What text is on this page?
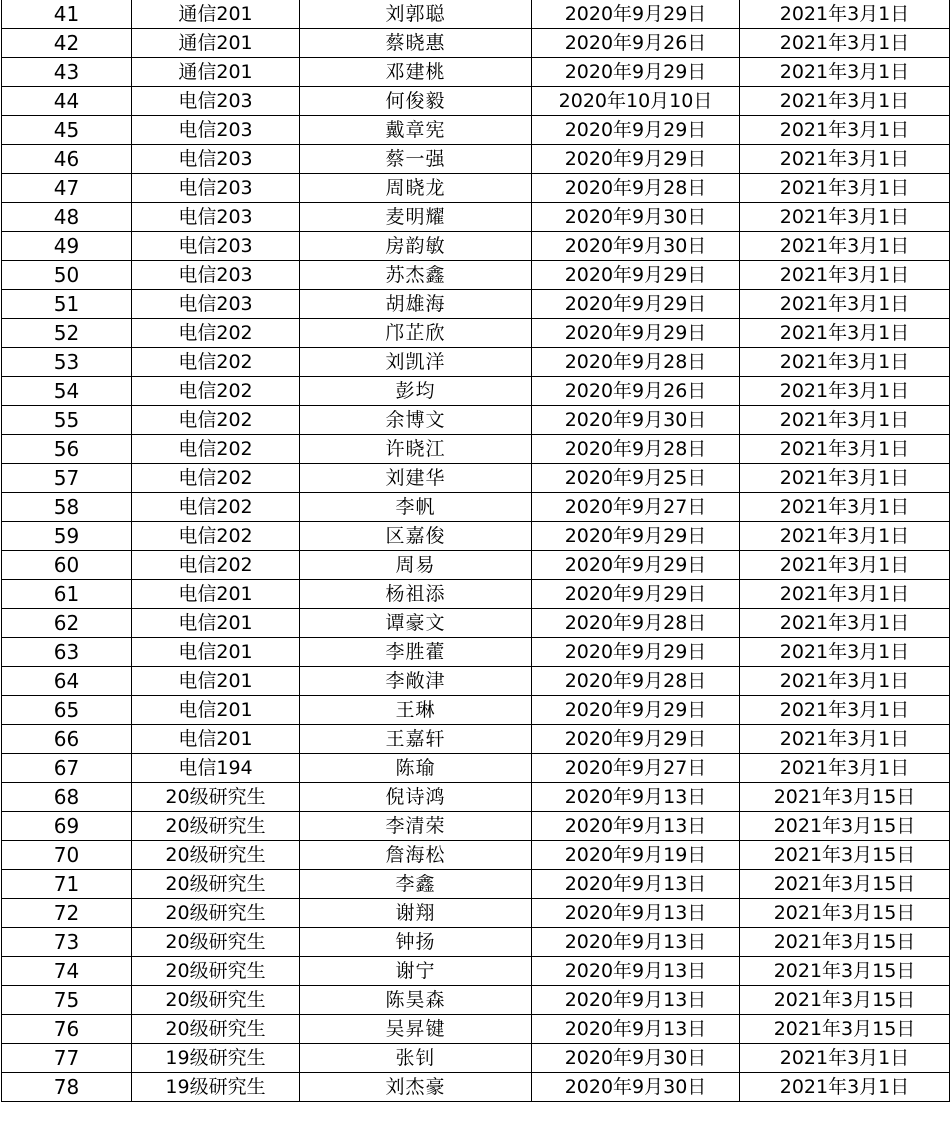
41	通信201	刘郭聪	2020年9月29日	2021年3月1日
42	通信201	蔡晓惠	2020年9月26日	2021年3月1日
43	通信201	邓建桃	2020年9月29日	2021年3月1日
44	电信203	何俊毅	2020年10月10日	2021年3月1日
45	电信203	戴章宪	2020年9月29日	2021年3月1日
46	电信203	蔡一强	2020年9月29日	2021年3月1日
47	电信203	周晓龙	2020年9月28日	2021年3月1日
48	电信203	麦明耀	2020年9月30日	2021年3月1日
49	电信203	房韵敏	2020年9月30日	2021年3月1日
50	电信203	苏杰鑫	2020年9月29日	2021年3月1日
51	电信203	胡雄海	2020年9月29日	2021年3月1日
52	电信202	邝芷欣	2020年9月29日	2021年3月1日
53	电信202	刘凯洋	2020年9月28日	2021年3月1日
54	电信202	彭均	2020年9月26日	2021年3月1日
55	电信202	余博文	2020年9月30日	2021年3月1日
56	电信202	许晓江	2020年9月28日	2021年3月1日
57	电信202	刘建华	2020年9月25日	2021年3月1日
58	电信202	李帆	2020年9月27日	2021年3月1日
59	电信202	区嘉俊	2020年9月29日	2021年3月1日
60	电信202	周易	2020年9月29日	2021年3月1日
61	电信201	杨祖添	2020年9月29日	2021年3月1日
62	电信201	谭豪文	2020年9月28日	2021年3月1日
63	电信201	李胜藿	2020年9月29日	2021年3月1日
64	电信201	李敞津	2020年9月28日	2021年3月1日
65	电信201	王琳	2020年9月29日	2021年3月1日
66	电信201	王嘉轩	2020年9月29日	2021年3月1日
67	电信194	陈瑜	2020年9月27日	2021年3月1日
68	20级研究生	倪诗鸿	2020年9月13日	2021年3月15日
69	20级研究生	李清荣	2020年9月13日	2021年3月15日
70	20级研究生	詹海松	2020年9月19日	2021年3月15日
71	20级研究生	李鑫	2020年9月13日	2021年3月15日
72	20级研究生	谢翔	2020年9月13日	2021年3月15日
73	20级研究生	钟扬	2020年9月13日	2021年3月15日
74	20级研究生	谢宁	2020年9月13日	2021年3月15日
75	20级研究生	陈昊森	2020年9月13日	2021年3月15日
76	20级研究生	吴昇键	2020年9月13日	2021年3月15日
77	19级研究生	张钊	2020年9月30日	2021年3月1日
78	19级研究生	刘杰豪	2020年9月30日	2021年3月1日
